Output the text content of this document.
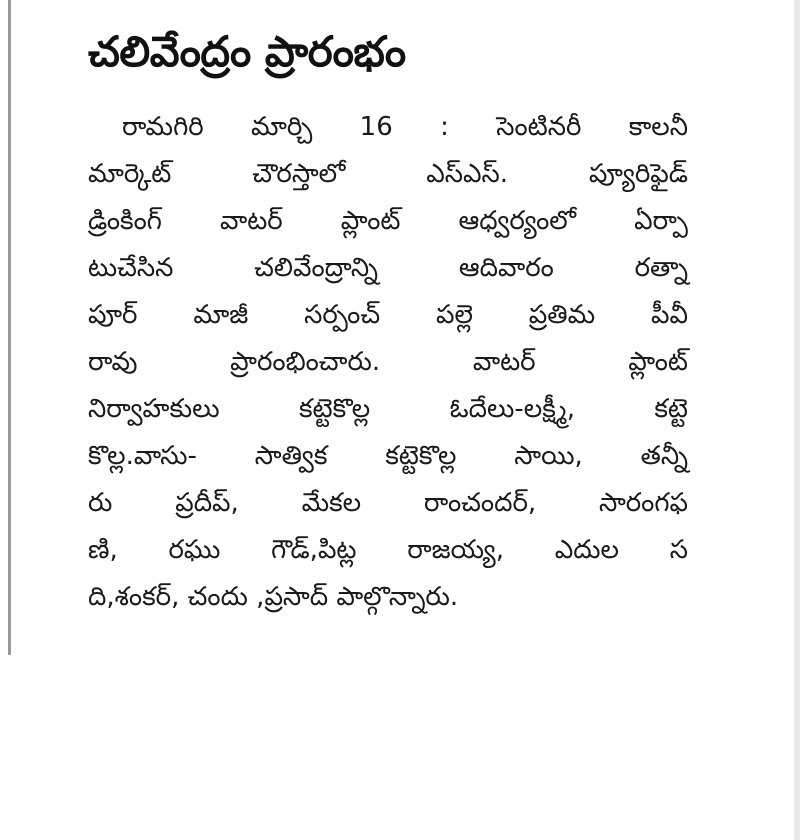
చలివేంద్రం ప్రారంభం
రామగిరి మార్చి 16 : సెంటినరీ కాలనీ
మార్కెట్ చౌరస్తాలో ఎస్ఎస్. ప్యూరిఫైడ్
డ్రింకింగ్ వాటర్ ప్లాంట్ ఆధ్వర్యంలో ఏర్పా
టుచేసిన చలివేంద్రాన్ని ఆదివారం రత్నా
పూర్ మాజీ సర్పంచ్ పల్లె ప్రతిమ పీవీ
రావు ప్రారంభించారు. వాటర్ ప్లాంట్
నిర్వాహకులు కట్టెకొల్ల ఓదేలు-లక్ష్మీ, కట్టె
కొల్ల.వాసు- సాత్విక కట్టెకొల్ల సాయి, తన్నీ
రు ప్రదీప్, మేకల రాంచందర్, సారంగఫ
ణి, రఘు గౌడ్,పిట్ల రాజయ్య, ఎదుల స
ది,శంకర్, చందు ,ప్రసాద్ పాల్గొన్నారు.
